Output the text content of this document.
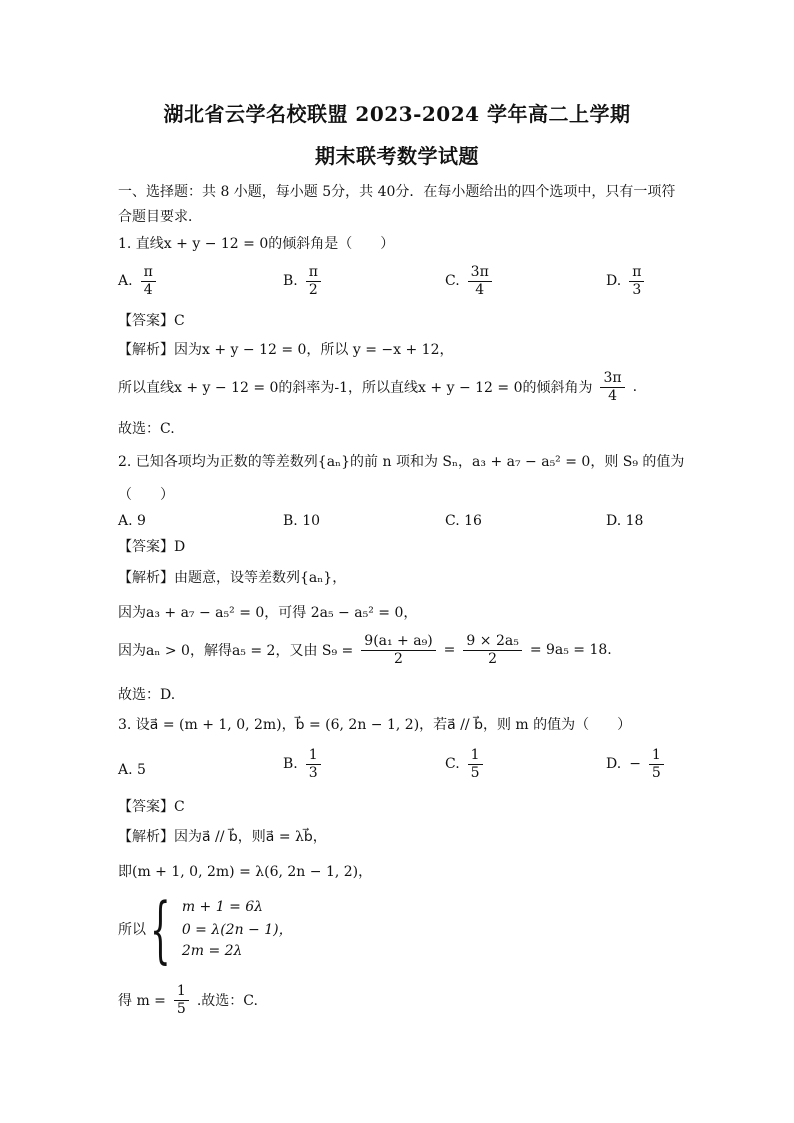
湖北省云学名校联盟 2023-2024 学年高二上学期
期末联考数学试题
一、选择题：共 8 小题，每小题 5分，共 40分．在每小题给出的四个选项中，只有一项符
合题目要求．
1. 直线x + y − 12 = 0的倾斜角是（　　）
A. $\frac{\pi}{4}$	B. $\frac{\pi}{2}$	C. $\frac{3\pi}{4}$	D. $\frac{\pi}{3}$
【答案】C
【解析】因为x + y − 12 = 0，所以 y = −x + 12，
所以直线x + y − 12 = 0的斜率为-1，所以直线x + y − 12 = 0的倾斜角为 $\frac{3\pi}{4}$ .
故选：C.
2. 已知各项均为正数的等差数列{aₙ}的前 n 项和为 Sₙ，a₃ + a₇ − a₅² = 0，则 S₉ 的值为
（　　）
A. 9	B. 10	C. 16	D. 18
【答案】D
【解析】由题意，设等差数列{aₙ}，
因为a₃ + a₇ − a₅² = 0，可得 2a₅ − a₅² = 0，
因为aₙ > 0，解得a₅ = 2，又由 $S_9 = \frac{\text{9(a₁ + a₉)}}{2} = \frac{\text{9 × 2a₅}}{2} = 9a_5 = 18$.
故选：D.
3. 设a⃗ = (m + 1, 0, 2m)，b⃗ = (6, 2n − 1, 2)，若a⃗ // b⃗，则 m 的值为（　　）
A. 5	B. $\frac{1}{3}$	C. $\frac{1}{5}$	D. − $\frac{1}{5}$
【答案】C
【解析】因为a⃗ // b⃗，则a⃗ = λb⃗，
即(m + 1, 0, 2m) = λ(6, 2n − 1, 2)，
所以 { m + 1 = 6λ
0 = λ(2n − 1)，
2m = 2λ
得 $m = \frac{1}{5}$ .故选：C.
